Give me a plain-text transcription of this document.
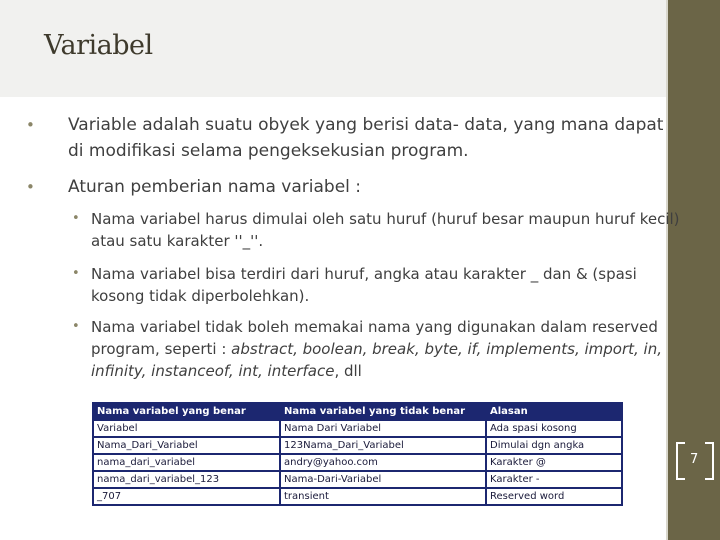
Variabel
• Variable adalah suatu obyek yang berisi data- data, yang mana dapat di modifikasi selama pengeksekusian program.
• Aturan pemberian nama variabel :
• Nama variabel harus dimulai oleh satu huruf (huruf besar maupun huruf kecil) atau satu karakter ''_''.
• Nama variabel bisa terdiri dari huruf, angka atau karakter _ dan & (spasi kosong tidak diperbolehkan).
• Nama variabel tidak boleh memakai nama yang digunakan dalam reserved program, seperti : abstract, boolean, break, byte, if, implements, import, in, infinity, instanceof, int, interface, dll
Nama variabel yang benar	Nama variabel yang tidak benar	Alasan
Variabel	Nama Dari Variabel	Ada spasi kosong
Nama_Dari_Variabel	123Nama_Dari_Variabel	Dimulai dgn angka
nama_dari_variabel	andry@yahoo.com	Karakter @
nama_dari_variabel_123	Nama-Dari-Variabel	Karakter -
_707	transient	Reserved word
7
